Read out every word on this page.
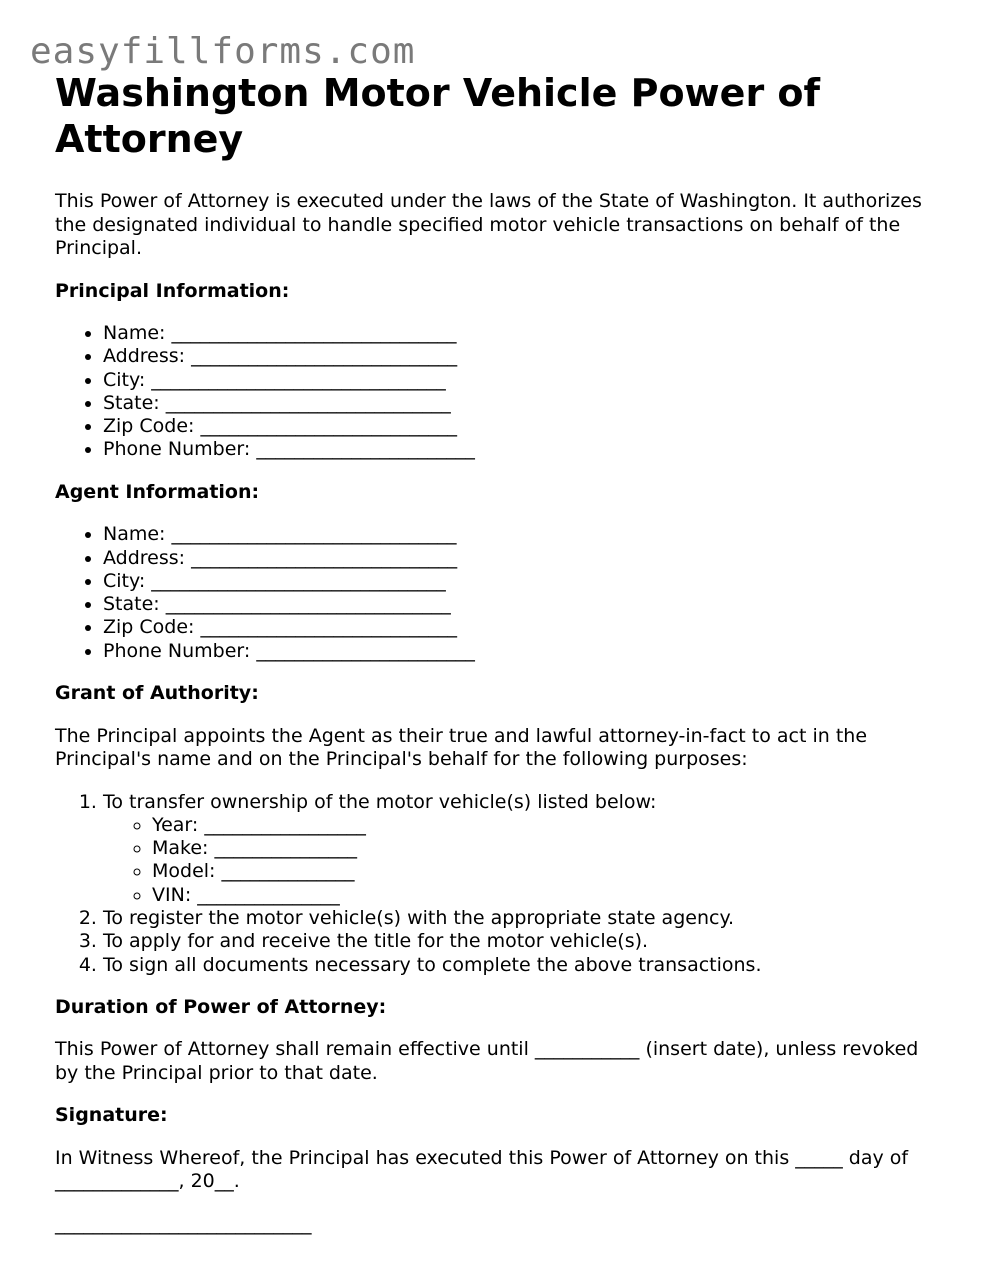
easyfillforms.com
Washington Motor Vehicle Power of Attorney

This Power of Attorney is executed under the laws of the State of Washington. It authorizes the designated individual to handle specified motor vehicle transactions on behalf of the Principal.

Principal Information:
• Name: ______________________________
• Address: ____________________________
• City: _______________________________
• State: ______________________________
• Zip Code: ___________________________
• Phone Number: _______________________
Agent Information:
• Name: ______________________________
• Address: ____________________________
• City: _______________________________
• State: ______________________________
• Zip Code: ___________________________
• Phone Number: _______________________
Grant of Authority:

The Principal appoints the Agent as their true and lawful attorney-in-fact to act in the Principal's name and on the Principal's behalf for the following purposes:

1. To transfer ownership of the motor vehicle(s) listed below:
◦ Year: _________________
◦ Make: _______________
◦ Model: ______________
◦ VIN: _______________
2. To register the motor vehicle(s) with the appropriate state agency.
3. To apply for and receive the title for the motor vehicle(s).
4. To sign all documents necessary to complete the above transactions.
Duration of Power of Attorney:

This Power of Attorney shall remain effective until ___________ (insert date), unless revoked by the Principal prior to that date.

Signature:

In Witness Whereof, the Principal has executed this Power of Attorney on this _____ day of _____________, 20__.

___________________________
